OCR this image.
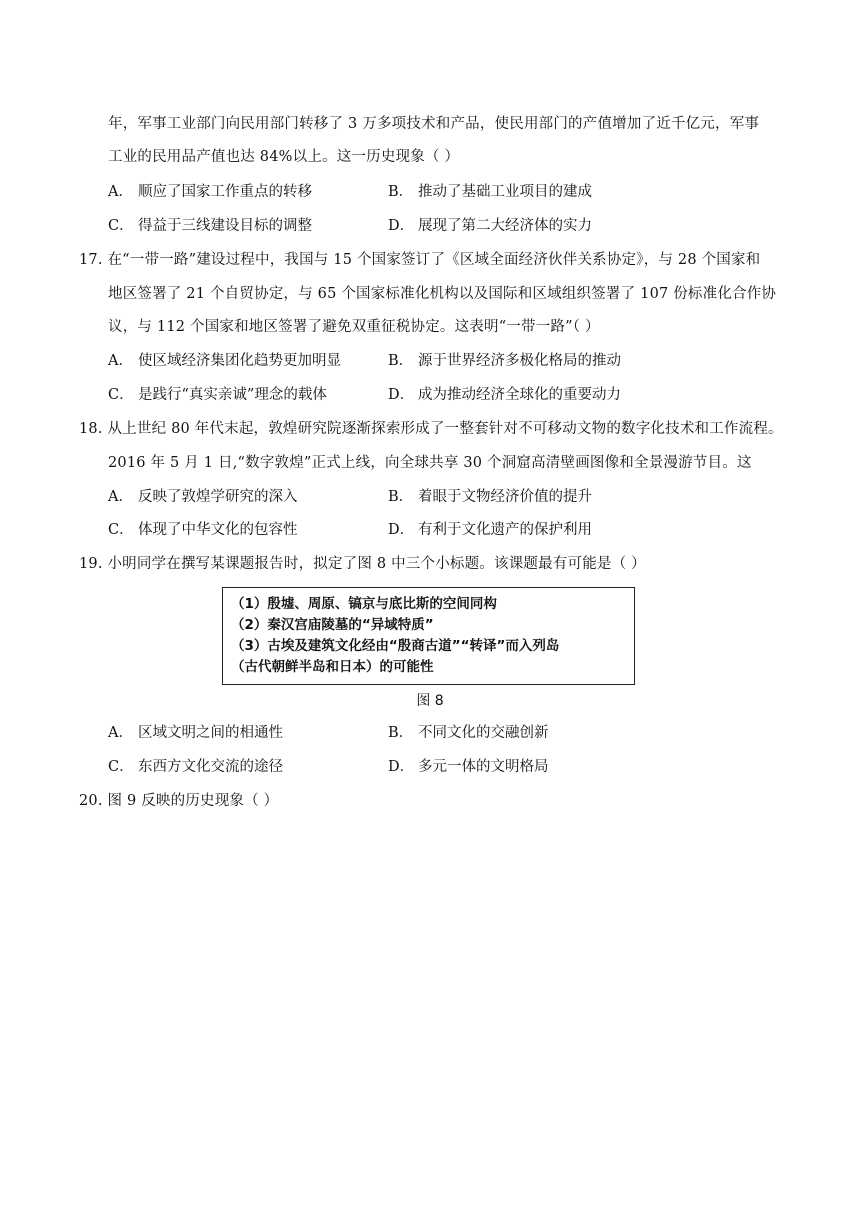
年，军事工业部门向民用部门转移了 3 万多项技术和产品，使民用部门的产值增加了近千亿元，军事
工业的民用品产值也达 84%以上。这一历史现象（ ）
A． 顺应了国家工作重点的转移	B． 推动了基础工业项目的建成
C． 得益于三线建设目标的调整	D． 展现了第二大经济体的实力
17. 在“一带一路”建设过程中，我国与 15 个国家签订了《区域全面经济伙伴关系协定》，与 28 个国家和
地区签署了 21 个自贸协定，与 65 个国家标准化机构以及国际和区域组织签署了 107 份标准化合作协
议，与 112 个国家和地区签署了避免双重征税协定。这表明“一带一路”（ ）
A． 使区域经济集团化趋势更加明显	B． 源于世界经济多极化格局的推动
C． 是践行“真实亲诚”理念的载体	D． 成为推动经济全球化的重要动力
18. 从上世纪 80 年代末起，敦煌研究院逐渐探索形成了一整套针对不可移动文物的数字化技术和工作流程。
2016 年 5 月 1 日,“数字敦煌”正式上线，向全球共享 30 个洞窟高清壁画图像和全景漫游节目。这
A． 反映了敦煌学研究的深入	B． 着眼于文物经济价值的提升
C． 体现了中华文化的包容性	D． 有利于文化遗产的保护利用
19. 小明同学在撰写某课题报告时，拟定了图 8 中三个小标题。该课题最有可能是（ ）
（1）殷墟、周原、镐京与底比斯的空间同构
（2）秦汉宫庙陵墓的“异域特质”
（3）古埃及建筑文化经由“殷商古道”“转译”而入列岛
（古代朝鲜半岛和日本）的可能性
图 8
A． 区域文明之间的相通性	B． 不同文化的交融创新
C． 东西方文化交流的途径	D． 多元一体的文明格局
20. 图 9 反映的历史现象（ ）
